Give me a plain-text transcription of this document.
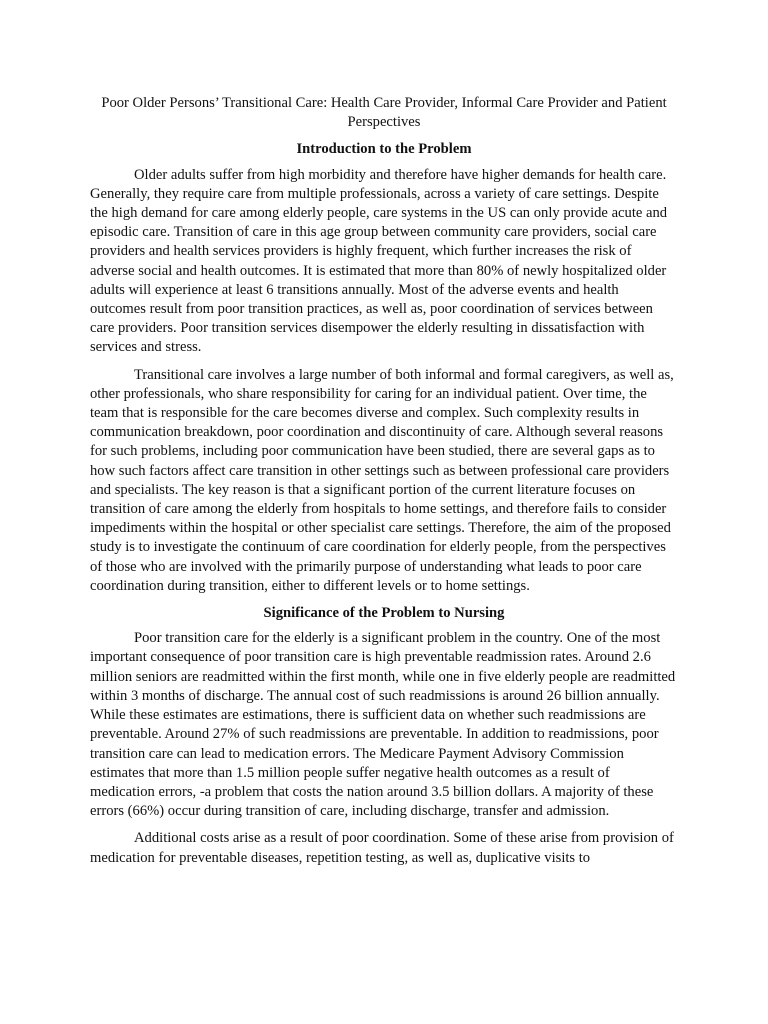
Poor Older Persons’ Transitional Care: Health Care Provider, Informal Care Provider and Patient Perspectives

Introduction to the Problem

Older adults suffer from high morbidity and therefore have higher demands for health care. Generally, they require care from multiple professionals, across a variety of care settings. Despite the high demand for care among elderly people, care systems in the US can only provide acute and episodic care. Transition of care in this age group between community care providers, social care providers and health services providers is highly frequent, which further increases the risk of adverse social and health outcomes. It is estimated that more than 80% of newly hospitalized older adults will experience at least 6 transitions annually. Most of the adverse events and health outcomes result from poor transition practices, as well as, poor coordination of services between care providers. Poor transition services disempower the elderly resulting in dissatisfaction with services and stress.

Transitional care involves a large number of both informal and formal caregivers, as well as, other professionals, who share responsibility for caring for an individual patient. Over time, the team that is responsible for the care becomes diverse and complex. Such complexity results in communication breakdown, poor coordination and discontinuity of care. Although several reasons for such problems, including poor communication have been studied, there are several gaps as to how such factors affect care transition in other settings such as between professional care providers and specialists. The key reason is that a significant portion of the current literature focuses on transition of care among the elderly from hospitals to home settings, and therefore fails to consider impediments within the hospital or other specialist care settings. Therefore, the aim of the proposed study is to investigate the continuum of care coordination for elderly people, from the perspectives of those who are involved with the primarily purpose of understanding what leads to poor care coordination during transition, either to different levels or to home settings.

Significance of the Problem to Nursing

Poor transition care for the elderly is a significant problem in the country. One of the most important consequence of poor transition care is high preventable readmission rates. Around 2.6 million seniors are readmitted within the first month, while one in five elderly people are readmitted within 3 months of discharge. The annual cost of such readmissions is around 26 billion annually. While these estimates are estimations, there is sufficient data on whether such readmissions are preventable. Around 27% of such readmissions are preventable. In addition to readmissions, poor transition care can lead to medication errors. The Medicare Payment Advisory Commission estimates that more than 1.5 million people suffer negative health outcomes as a result of medication errors, -a problem that costs the nation around 3.5 billion dollars. A majority of these errors (66%) occur during transition of care, including discharge, transfer and admission.

Additional costs arise as a result of poor coordination. Some of these arise from provision of medication for preventable diseases, repetition testing, as well as, duplicative visits to
